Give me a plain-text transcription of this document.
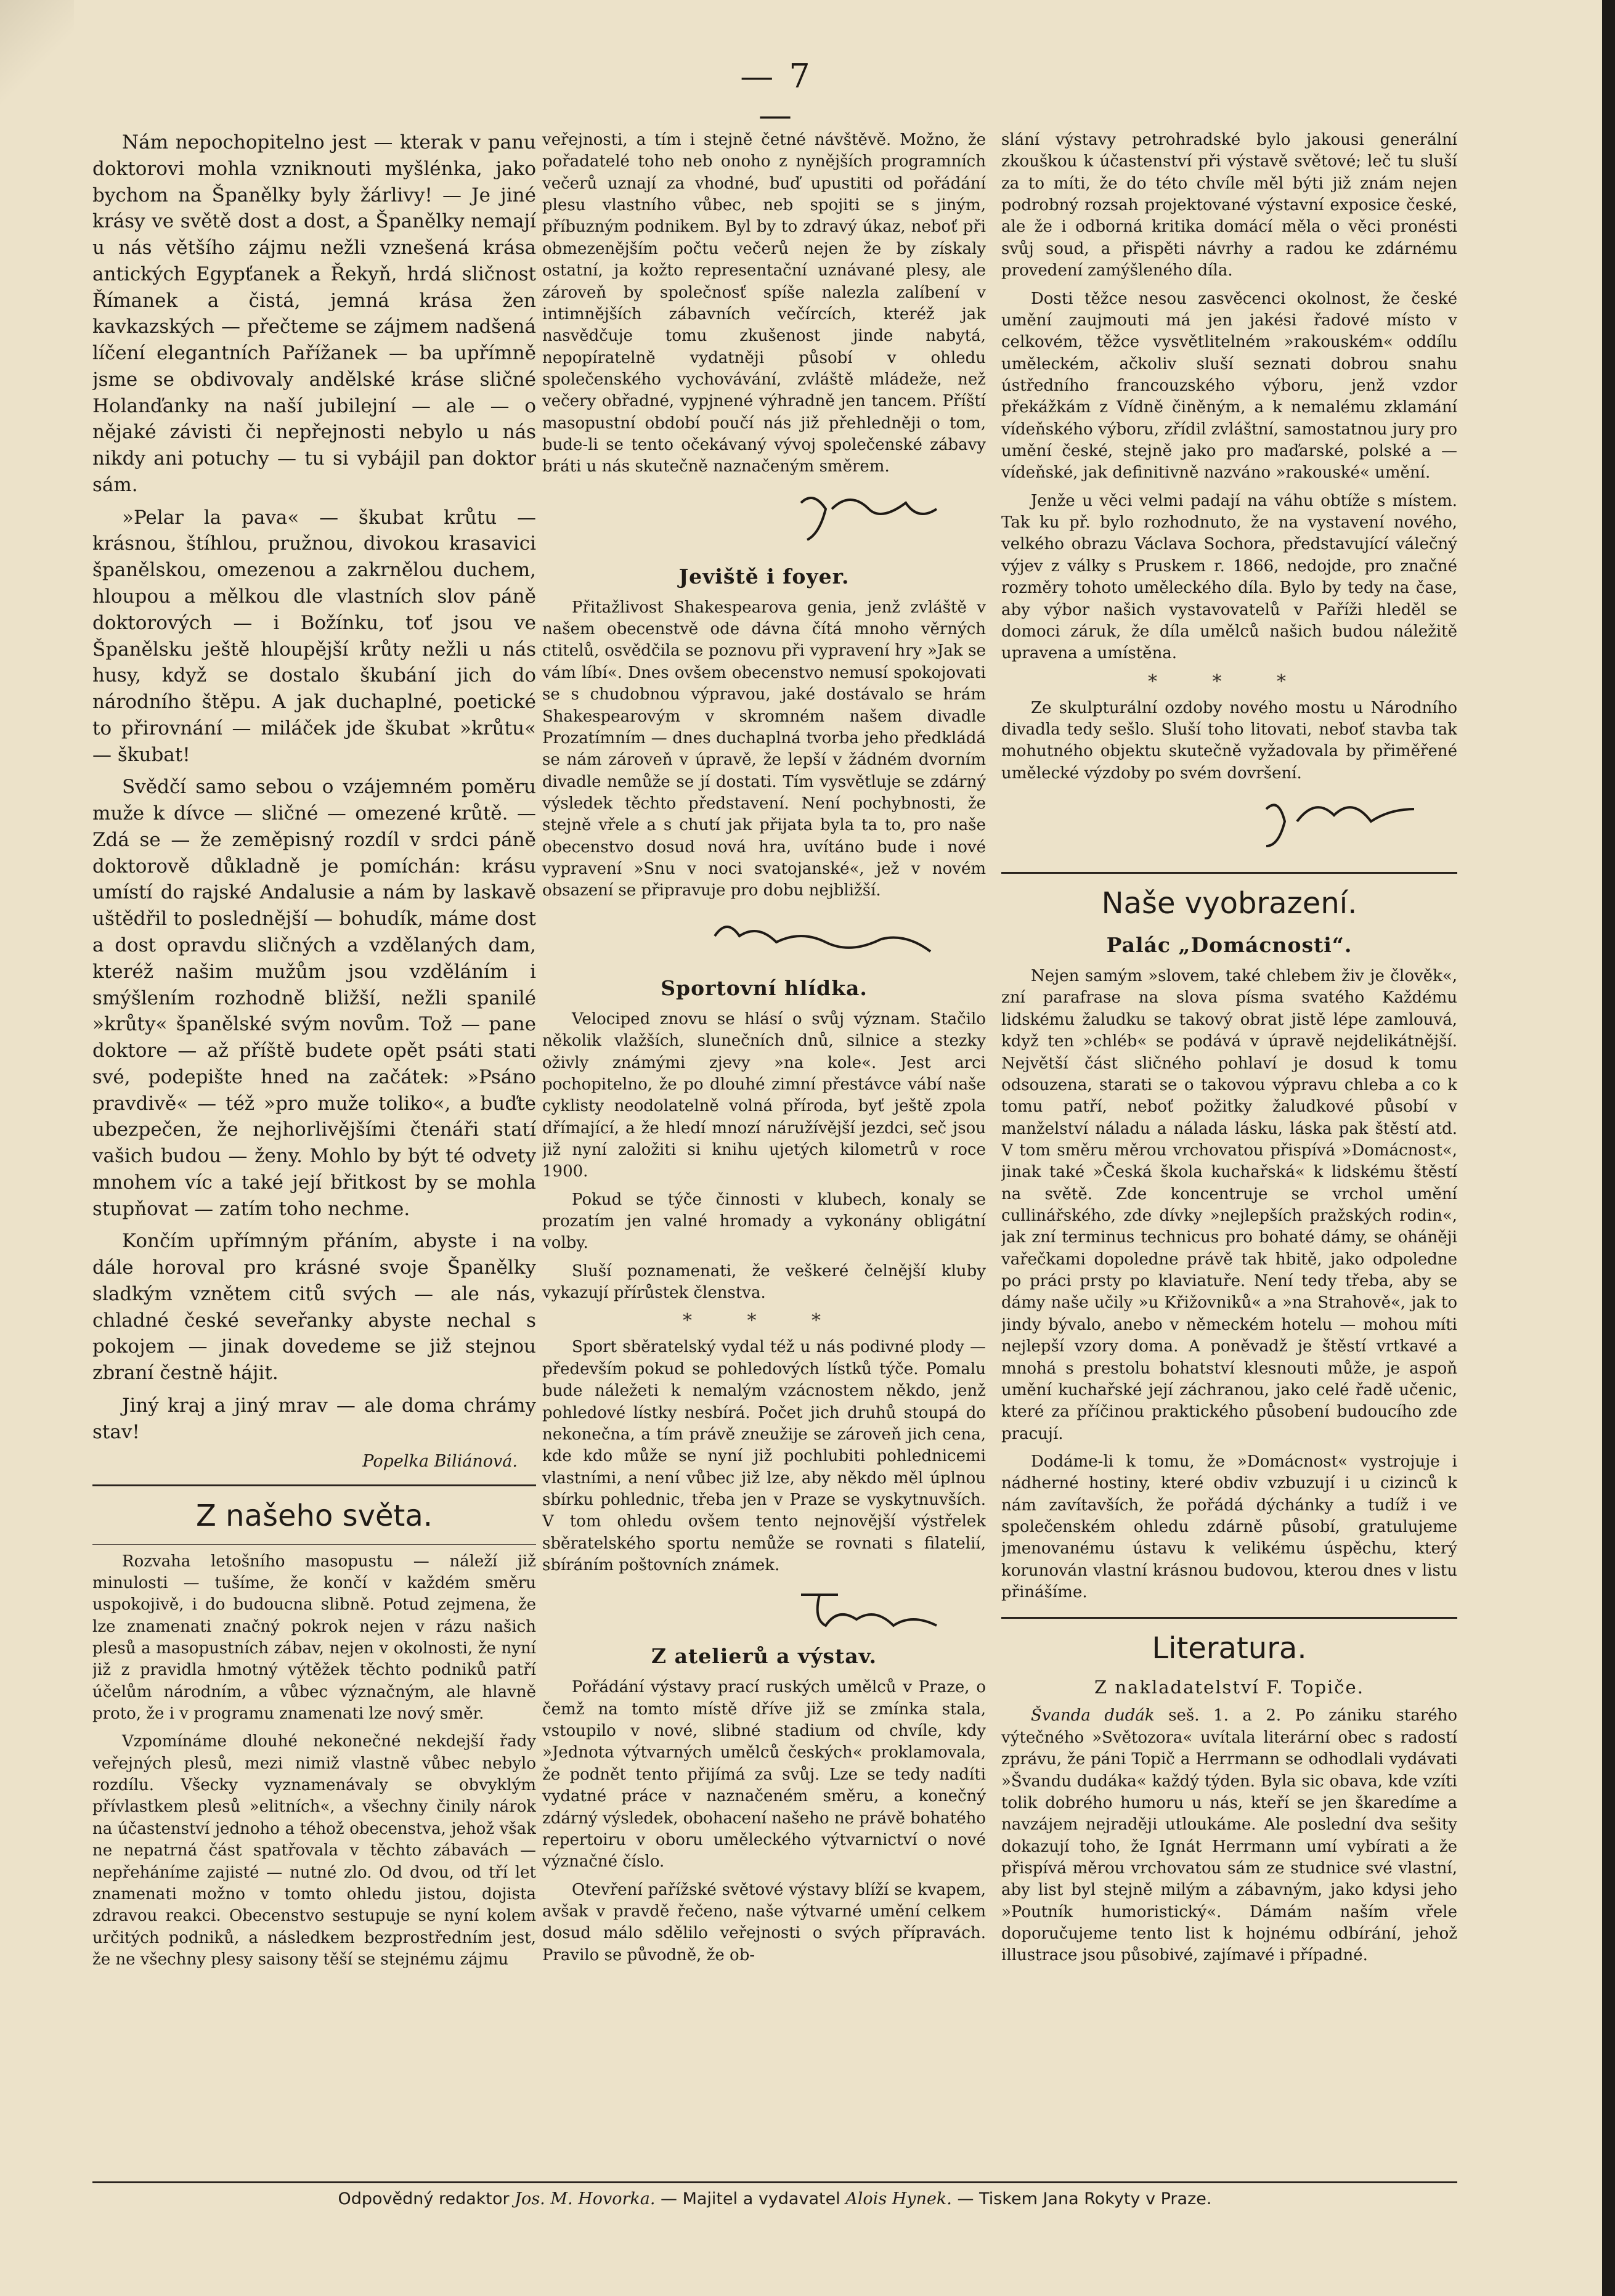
— 7 —

Nám nepochopitelno jest — kterak v panu doktorovi mohla vzniknouti myšlénka, jako bychom na Španělky byly žárlivy! — Je jiné krásy ve světě dost a dost, a Španělky nemají u nás většího zájmu nežli vznešená krása antických Egypťanek a Řekyň, hrdá sličnost Římanek a čistá, jemná krása žen kavkazských — přečteme se zájmem nadšená líčení elegantních Pařížanek — ba upřímně jsme se obdivovaly andělské kráse sličné Holanďanky na naší jubilejní — ale — o nějaké závisti či nepřejnosti nebylo u nás nikdy ani potuchy — tu si vybájil pan doktor sám.

»Pelar la pava« — škubat krůtu — krásnou, štíhlou, pružnou, divokou krasavici španělskou, omezenou a zakrnělou duchem, hloupou a mělkou dle vlastních slov páně doktorových — i Božínku, toť jsou ve Španělsku ještě hloupější krůty nežli u nás husy, když se dostalo škubání jich do národního štěpu. A jak duchaplné, poetické to přirovnání — miláček jde škubat »krůtu« — škubat!

Svědčí samo sebou o vzájemném poměru muže k dívce — sličné — omezené krůtě. — Zdá se — že zeměpisný rozdíl v srdci páně doktorově důkladně je pomíchán: krásu umístí do rajské Andalusie a nám by laskavě uštědřil to poslednější — bohudík, máme dost a dost opravdu sličných a vzdělaných dam, kteréž našim mužům jsou vzděláním i smýšlením rozhodně bližší, nežli spanilé »krůty« španělské svým novům. Tož — pane doktore — až příště budete opět psáti stati své, podepište hned na začátek: »Psáno pravdivě« — též »pro muže toliko«, a buďte ubezpečen, že nejhorlivějšími čtenáři statí vašich budou — ženy. Mohlo by být té odvety mnohem víc a také její břitkost by se mohla stupňovat — zatím toho nechme.

Končím upřímným přáním, abyste i na dále horoval pro krásné svoje Španělky sladkým vznětem citů svých — ale nás, chladné české seveřanky abyste nechal s pokojem — jinak dovedeme se již stejnou zbraní čestně hájit.

Jiný kraj a jiný mrav — ale doma chrámy stav!

Popelka Biliánová.
Z našeho světa.

Rozvaha letošního masopustu — náleží již minulosti — tušíme, že končí v každém směru uspokojivě, i do budoucna slibně. Potud zejmena, že lze znamenati značný pokrok nejen v rázu našich plesů a masopustních zábav, nejen v okolnosti, že nyní již z pravidla hmotný výtěžek těchto podniků patří účelům národním, a vůbec význačným, ale hlavně proto, že i v programu znamenati lze nový směr.

Vzpomínáme dlouhé nekonečné nekdejší řady veřejných plesů, mezi nimiž vlastně vůbec nebylo rozdílu. Všecky vyznamenávaly se obvyklým přívlastkem plesů »elitních«, a všechny činily nárok na účastenství jednoho a téhož obecenstva, jehož však ne nepatrná část spatřovala v těchto zábavách — nepřeháníme zajisté — nutné zlo. Od dvou, od tří let znamenati možno v tomto ohledu jistou, dojista zdravou reakci. Obecenstvo sestupuje se nyní kolem určitých podniků, a následkem bezprostředním jest, že ne všechny plesy saisony těší se stejnému zájmu

veřejnosti, a tím i stejně četné návštěvě. Možno, že pořadatelé toho neb onoho z nynějších programních večerů uznají za vhodné, buď upustiti od pořádání plesu vlastního vůbec, neb spojiti se s jiným, příbuzným podnikem. Byl by to zdravý úkaz, neboť při obmezenějším počtu večerů nejen že by získaly ostatní, ja kožto representační uznávané plesy, ale zároveň by společnosť spíše nalezla zalíbení v intimnějších zábavních večírcích, kteréž jak nasvědčuje tomu zkušenost jinde nabytá, nepopíratelně vydatněji působí v ohledu společenského vychovávání, zvláště mládeže, než večery obřadné, vypjnené výhradně jen tancem. Příští masopustní období poučí nás již přehledněji o tom, bude-li se tento očekávaný vývoj společenské zábavy bráti u nás skutečně naznačeným směrem.

Jeviště i foyer.

Přitažlivost Shakespearova genia, jenž zvláště v našem obecenstvě ode dávna čítá mnoho věrných ctitelů, osvědčila se poznovu při vypravení hry »Jak se vám líbí«. Dnes ovšem obecenstvo nemusí spokojovati se s chudobnou výpravou, jaké dostávalo se hrám Shakespearovým v skromném našem divadle Prozatímním — dnes duchaplná tvorba jeho předkládá se nám zároveň v úpravě, že lepší v žádném dvorním divadle nemůže se jí dostati. Tím vysvětluje se zdárný výsledek těchto představení. Není pochybnosti, že stejně vřele a s chutí jak přijata byla ta to, pro naše obecenstvo dosud nová hra, uvítáno bude i nové vypravení »Snu v noci svatojanské«, jež v novém obsazení se připravuje pro dobu nejbližší.

Sportovní hlídka.

Velociped znovu se hlásí o svůj význam. Stačilo několik vlažších, slunečních dnů, silnice a stezky oživly známými zjevy »na kole«. Jest arci pochopitelno, že po dlouhé zimní přestávce vábí naše cyklisty neodolatelně volná příroda, byť ještě zpola dřímající, a že hledí mnozí náružívější jezdci, seč jsou již nyní založiti si knihu ujetých kilometrů v roce 1900.

Pokud se týče činnosti v klubech, konaly se prozatím jen valné hromady a vykonány obligátní volby.

Sluší poznamenati, že veškeré čelnější kluby vykazují přírůstek členstva.

* * *

Sport sběratelský vydal též u nás podivné plody — především pokud se pohledových lístků týče. Pomalu bude náležeti k nemalým vzácnostem někdo, jenž pohledové lístky nesbírá. Počet jich druhů stoupá do nekonečna, a tím právě zneužije se zároveň jich cena, kde kdo může se nyní již pochlubiti pohlednicemi vlastními, a není vůbec již lze, aby někdo měl úplnou sbírku pohlednic, třeba jen v Praze se vyskytnuvších. V tom ohledu ovšem tento nejnovější výstřelek sběratelského sportu nemůže se rovnati s filatelií, sbíráním poštovních známek.

Z atelierů a výstav.

Pořádání výstavy prací ruských umělců v Praze, o čemž na tomto místě dříve již se zmínka stala, vstoupilo v nové, slibné stadium od chvíle, kdy »Jednota výtvarných umělců českých« proklamovala, že podnět tento přijímá za svůj. Lze se tedy nadíti vydatné práce v naznačeném směru, a konečný zdárný výsledek, obohacení našeho ne právě bohatého repertoiru v oboru uměleckého výtvarnictví o nové význačné číslo.

Otevření pařížské světové výstavy blíží se kvapem, avšak v pravdě řečeno, naše výtvarné umění celkem dosud málo sdělilo veřejnosti o svých přípravách. Pravilo se původně, že ob-

slání výstavy petrohradské bylo jakousi generální zkouškou k účastenství při výstavě světové; leč tu sluší za to míti, že do této chvíle měl býti již znám nejen podrobný rozsah projektované výstavní exposice české, ale že i odborná kritika domácí měla o věci pronésti svůj soud, a přispěti návrhy a radou ke zdárnému provedení zamýšleného díla.

Dosti těžce nesou zasvěcenci okolnost, že české umění zaujmouti má jen jakési řadové místo v celkovém, těžce vysvětlitelném »rakouském« oddílu uměleckém, ačkoliv sluší seznati dobrou snahu ústředního francouzského výboru, jenž vzdor překážkám z Vídně činěným, a k nemalému zklamání vídeňského výboru, zřídil zvláštní, samostatnou jury pro umění české, stejně jako pro maďarské, polské a — vídeňské, jak definitivně nazváno »rakouské« umění.

Jenže u věci velmi padají na váhu obtíže s místem. Tak ku př. bylo rozhodnuto, že na vystavení nového, velkého obrazu Václava Sochora, představující válečný výjev z války s Pruskem r. 1866, nedojde, pro značné rozměry tohoto uměleckého díla. Bylo by tedy na čase, aby výbor našich vystavovatelů v Paříži hleděl se domoci záruk, že díla umělců našich budou náležitě upravena a umístěna.

* * *

Ze skulpturální ozdoby nového mostu u Národního divadla tedy sešlo. Sluší toho litovati, neboť stavba tak mohutného objektu skutečně vyžadovala by přiměřené umělecké výzdoby po svém dovršení.

Naše vyobrazení.
Palác „Domácnosti“.

Nejen samým »slovem, také chlebem živ je člověk«, zní parafrase na slova písma svatého Každému lidskému žaludku se takový obrat jistě lépe zamlouvá, když ten »chléb« se podává v úpravě nejdelikátnější. Největší část sličného pohlaví je dosud k tomu odsouzena, starati se o takovou výpravu chleba a co k tomu patří, neboť požitky žaludkové působí v manželství náladu a nálada lásku, láska pak štěstí atd. V tom směru měrou vrchovatou přispívá »Domácnost«, jinak také »Česká škola kuchařská« k lidskému štěstí na světě. Zde koncentruje se vrchol umění cullinářského, zde dívky »nejlepších pražských rodin«, jak zní terminus technicus pro bohaté dámy, se oháněji vařečkami dopoledne právě tak hbitě, jako odpoledne po práci prsty po klaviatuře. Není tedy třeba, aby se dámy naše učily »u Křižovniků« a »na Strahově«, jak to jindy bývalo, anebo v německém hotelu — mohou míti nejlepší vzory doma. A poněvadž je štěstí vrtkavé a mnohá s prestolu bohatství klesnouti může, je aspoň umění kuchařské její záchranou, jako celé řadě učenic, které za příčinou praktického působení budoucího zde pracují.

Dodáme-li k tomu, že »Domácnost« vystrojuje i nádherné hostiny, které obdiv vzbuzují i u cizinců k nám zavítavších, že pořádá dýchánky a tudíž i ve společenském ohledu zdárně působí, gratulujeme jmenovanému ústavu k velikému úspěchu, který korunován vlastní krásnou budovou, kterou dnes v listu přinášíme.

Literatura.
Z nakladatelství F. Topiče.

Švanda dudák seš. 1. a 2. Po zániku starého výtečného »Světozora« uvítala literární obec s radostí zprávu, že páni Topič a Herrmann se odhodlali vydávati »Švandu dudáka« každý týden. Byla sic obava, kde vzíti tolik dobrého humoru u nás, kteří se jen škaredíme a navzájem nejraději utloukáme. Ale poslední dva sešity dokazují toho, že Ignát Herrmann umí vybírati a že přispívá měrou vrchovatou sám ze studnice své vlastní, aby list byl stejně milým a zábavným, jako kdysi jeho »Poutník humoristický«. Dámám naším vřele doporučujeme tento list k hojnému odbírání, jehož illustrace jsou působivé, zajímavé i případné.

Odpovědný redaktor Jos. M. Hovorka. — Majitel a vydavatel Alois Hynek. — Tiskem Jana Rokyty v Praze.
